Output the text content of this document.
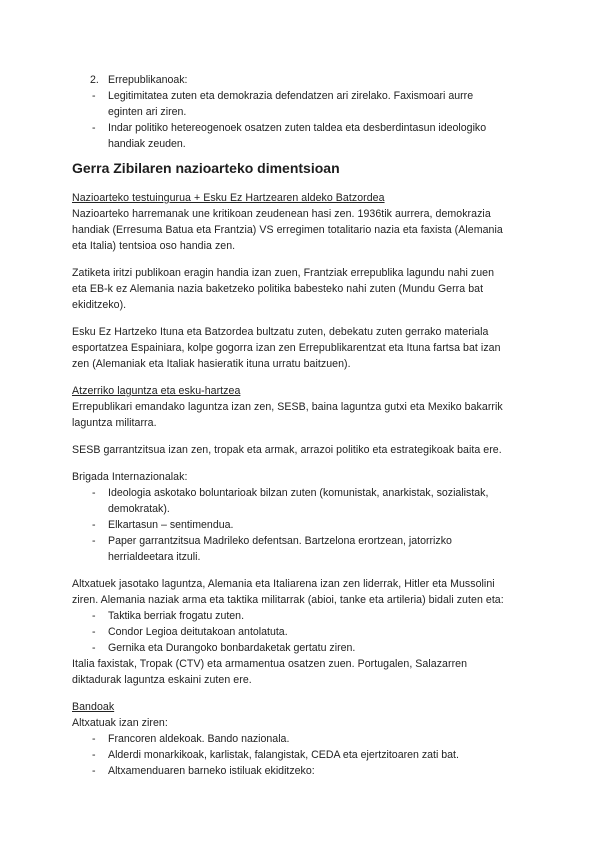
2. Errepublikanoak:
- Legitimitatea zuten eta demokrazia defendatzen ari zirelako. Faxismoari aurre
eginten ari ziren.
- Indar politiko hetereogenoek osatzen zuten taldea eta desberdintasun ideologiko
handiak zeuden.
Gerra Zibilaren nazioarteko dimentsioan
Nazioarteko testuingurua + Esku Ez Hartzearen aldeko Batzordea
Nazioarteko harremanak une kritikoan zeudenean hasi zen. 1936tik aurrera, demokrazia
handiak (Erresuma Batua eta Frantzia) VS erregimen totalitario nazia eta faxista (Alemania
eta Italia) tentsioa oso handia zen.
Zatiketa iritzi publikoan eragin handia izan zuen, Frantziak errepublika lagundu nahi zuen
eta EB-k ez Alemania nazia baketzeko politika babesteko nahi zuten (Mundu Gerra bat
ekiditzeko).
Esku Ez Hartzeko Ituna eta Batzordea bultzatu zuten, debekatu zuten gerrako materiala
esportatzea Espainiara, kolpe gogorra izan zen Errepublikarentzat eta Ituna fartsa bat izan
zen (Alemaniak eta Italiak hasieratik ituna urratu baitzuen).
Atzerriko laguntza eta esku-hartzea
Errepublikari emandako laguntza izan zen, SESB, baina laguntza gutxi eta Mexiko bakarrik
laguntza militarra.
SESB garrantzitsua izan zen, tropak eta armak, arrazoi politiko eta estrategikoak baita ere.
Brigada Internazionalak:
- Ideologia askotako boluntarioak bilzan zuten (komunistak, anarkistak, sozialistak,
demokratak).
- Elkartasun – sentimendua.
- Paper garrantzitsua Madrileko defentsan. Bartzelona erortzean, jatorrizko
herrialdeetara itzuli.
Altxatuek jasotako laguntza, Alemania eta Italiarena izan zen liderrak, Hitler eta Mussolini
ziren. Alemania naziak arma eta taktika militarrak (abioi, tanke eta artileria) bidali zuten eta:
- Taktika berriak frogatu zuten.
- Condor Legioa deitutakoan antolatuta.
- Gernika eta Durangoko bonbardaketak gertatu ziren.
Italia faxistak, Tropak (CTV) eta armamentua osatzen zuen. Portugalen, Salazarren
diktadurak laguntza eskaini zuten ere.
Bandoak
Altxatuak izan ziren:
- Francoren aldekoak. Bando nazionala.
- Alderdi monarkikoak, karlistak, falangistak, CEDA eta ejertzitoaren zati bat.
- Altxamenduaren barneko istiluak ekiditzeko:
